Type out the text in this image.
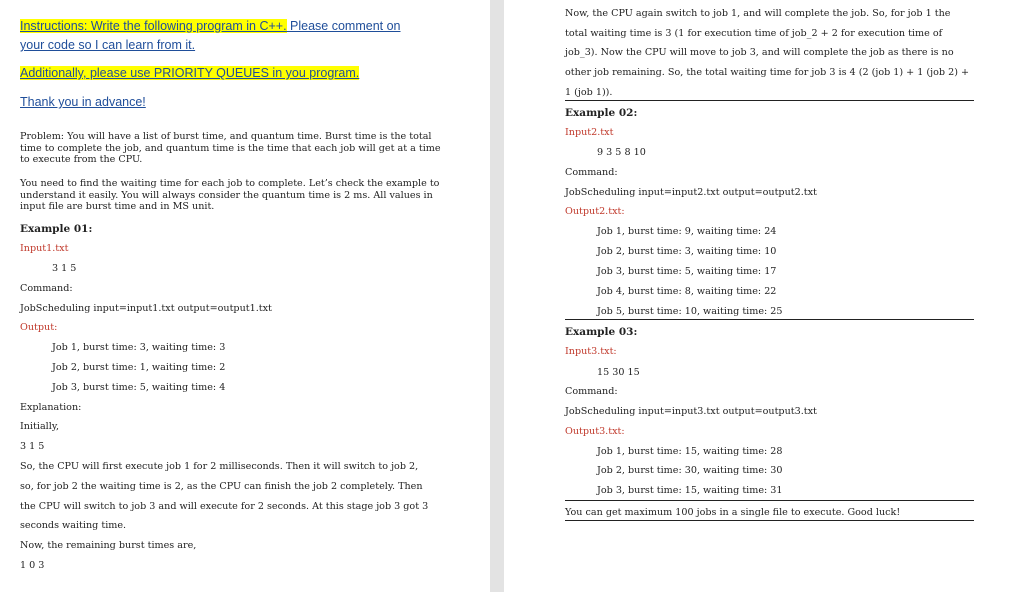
Instructions: Write the following program in C++. Please comment on
your code so I can learn from it.
Additionally, please use PRIORITY QUEUES in you program.
Thank you in advance!
Problem: You will have a list of burst time, and quantum time. Burst time is the total time to complete the job, and quantum time is the time that each job will get at a time to execute from the CPU.
You need to find the waiting time for each job to complete. Let’s check the example to understand it easily. You will always consider the quantum time is 2 ms. All values in input file are burst time and in MS unit.
Example 01:
Input1.txt
3 1 5
Command:
JobScheduling input=input1.txt output=output1.txt
Output:
Job 1, burst time: 3, waiting time: 3
Job 2, burst time: 1, waiting time: 2
Job 3, burst time: 5, waiting time: 4
Explanation:
Initially,
3 1 5
So, the CPU will first execute job 1 for 2 milliseconds. Then it will switch to job 2,
so, for job 2 the waiting time is 2, as the CPU can finish the job 2 completely. Then
the CPU will switch to job 3 and will execute for 2 seconds. At this stage job 3 got 3
seconds waiting time.
Now, the remaining burst times are,
1 0 3
Now, the CPU again switch to job 1, and will complete the job. So, for job 1 the
total waiting time is 3 (1 for execution time of job_2 + 2 for execution time of
job_3). Now the CPU will move to job 3, and will complete the job as there is no
other job remaining. So, the total waiting time for job 3 is 4 (2 (job 1) + 1 (job 2) +
1 (job 1)).
Example 02:
Input2.txt
9 3 5 8 10
Command:
JobScheduling input=input2.txt output=output2.txt
Output2.txt:
Job 1, burst time: 9, waiting time: 24
Job 2, burst time: 3, waiting time: 10
Job 3, burst time: 5, waiting time: 17
Job 4, burst time: 8, waiting time: 22
Job 5, burst time: 10, waiting time: 25
Example 03:
Input3.txt:
15 30 15
Command:
JobScheduling input=input3.txt output=output3.txt
Output3.txt:
Job 1, burst time: 15, waiting time: 28
Job 2, burst time: 30, waiting time: 30
Job 3, burst time: 15, waiting time: 31
You can get maximum 100 jobs in a single file to execute. Good luck!
